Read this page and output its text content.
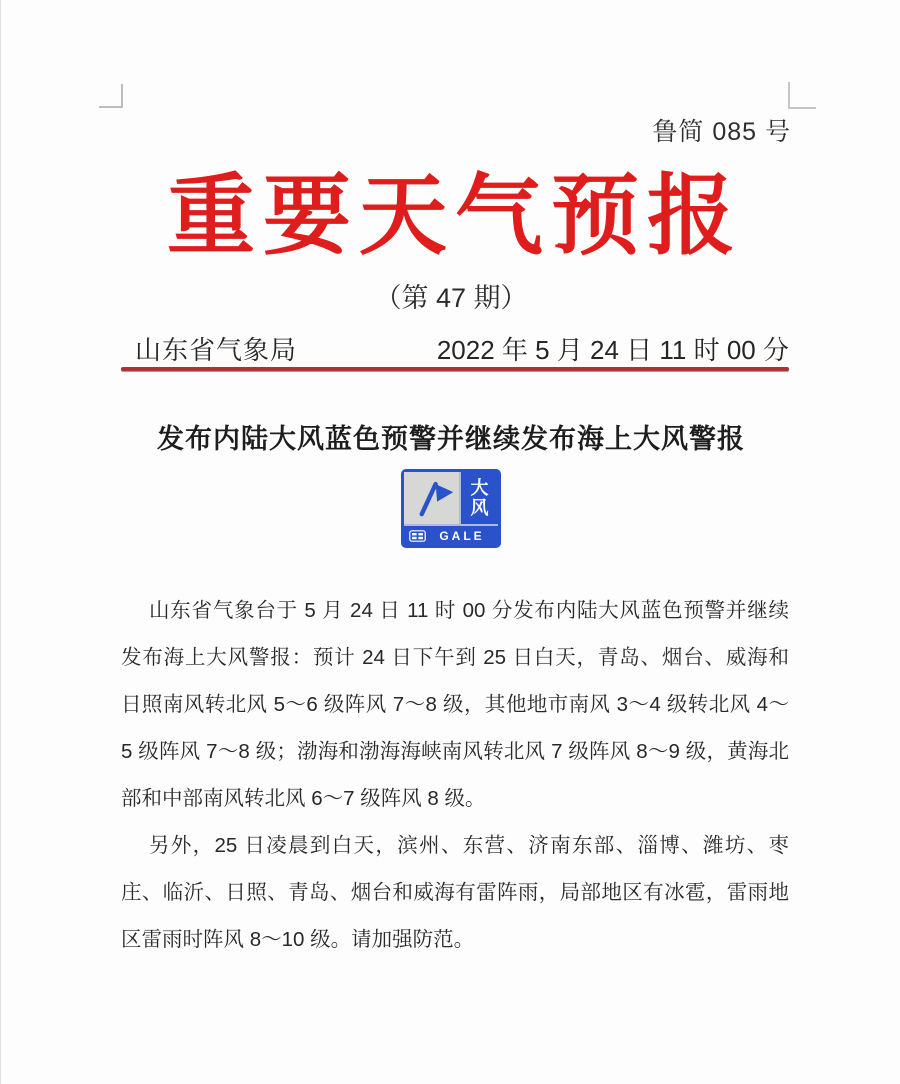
鲁简 085 号
重要天气预报
（第 47 期）
山东省气象局	2022 年 5 月 24 日 11 时 00 分
发布内陆大风蓝色预警并继续发布海上大风警报
大
风
GALE
山东省气象台于 5 月 24 日 11 时 00 分发布内陆大风蓝色预警并继续
发布海上大风警报：预计 24 日下午到 25 日白天，青岛、烟台、威海和
日照南风转北风 5～6 级阵风 7～8 级，其他地市南风 3～4 级转北风 4～
5 级阵风 7～8 级；渤海和渤海海峡南风转北风 7 级阵风 8～9 级，黄海北
部和中部南风转北风 6～7 级阵风 8 级。
另外，25 日凌晨到白天，滨州、东营、济南东部、淄博、潍坊、枣
庄、临沂、日照、青岛、烟台和威海有雷阵雨，局部地区有冰雹，雷雨地
区雷雨时阵风 8～10 级。请加强防范。
